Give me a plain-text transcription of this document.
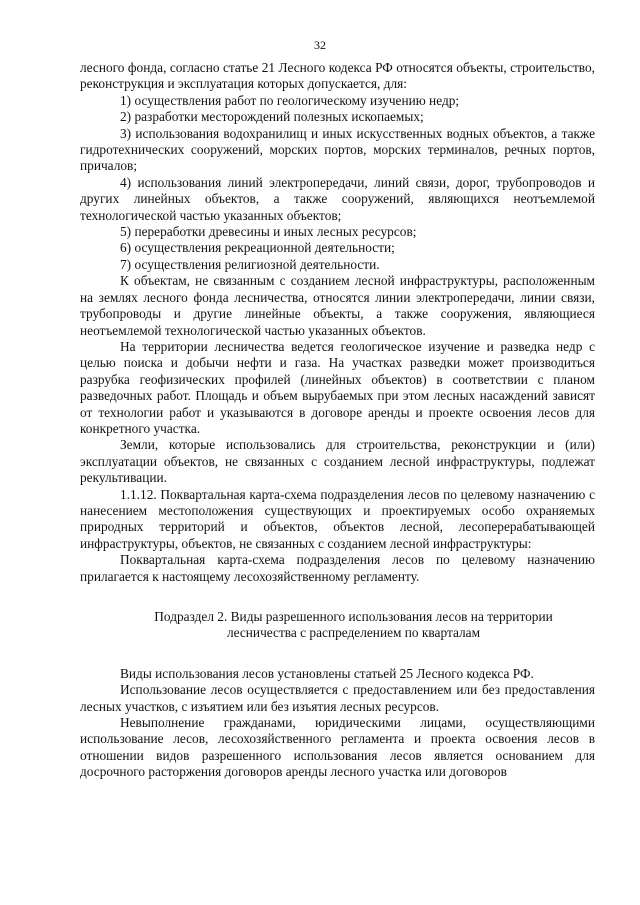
32

лесного фонда, согласно статье 21 Лесного кодекса РФ относятся объекты, строительство, реконструкция и эксплуатация которых допускается, для:

1) осуществления работ по геологическому изучению недр;

2) разработки месторождений полезных ископаемых;

3) использования водохранилищ и иных искусственных водных объектов, а также гидротехнических сооружений, морских портов, морских терминалов, речных портов, причалов;

4) использования линий электропередачи, линий связи, дорог, трубопроводов и других линейных объектов, а также сооружений, являющихся неотъемлемой технологической частью указанных объектов;

5) переработки древесины и иных лесных ресурсов;

6) осуществления рекреационной деятельности;

7) осуществления религиозной деятельности.

К объектам, не связанным с созданием лесной инфраструктуры, расположенным на землях лесного фонда лесничества, относятся линии электропередачи, линии связи, трубопроводы и другие линейные объекты, а также сооружения, являющиеся неотъемлемой технологической частью указанных объектов.

На территории лесничества ведется геологическое изучение и разведка недр с целью поиска и добычи нефти и газа. На участках разведки может производиться разрубка геофизических профилей (линейных объектов) в соответствии с планом разведочных работ. Площадь и объем вырубаемых при этом лесных насаждений зависят от технологии работ и указываются в договоре аренды и проекте освоения лесов для конкретного участка.

Земли, которые использовались для строительства, реконструкции и (или) эксплуатации объектов, не связанных с созданием лесной инфраструктуры, подлежат рекультивации.

1.1.12. Поквартальная карта-схема подразделения лесов по целевому назначению с нанесением местоположения существующих и проектируемых особо охраняемых природных территорий и объектов, объектов лесной, лесоперерабатывающей инфраструктуры, объектов, не связанных с созданием лесной инфраструктуры:

Поквартальная карта-схема подразделения лесов по целевому назначению прилагается к настоящему лесохозяйственному регламенту.

Подраздел 2. Виды разрешенного использования лесов на территории лесничества с распределением по кварталам

Виды использования лесов установлены статьей 25 Лесного кодекса РФ.

Использование лесов осуществляется с предоставлением или без предоставления лесных участков, с изъятием или без изъятия лесных ресурсов.

Невыполнение гражданами, юридическими лицами, осуществляющими использование лесов, лесохозяйственного регламента и проекта освоения лесов в отношении видов разрешенного использования лесов является основанием для досрочного расторжения договоров аренды лесного участка или договоров
